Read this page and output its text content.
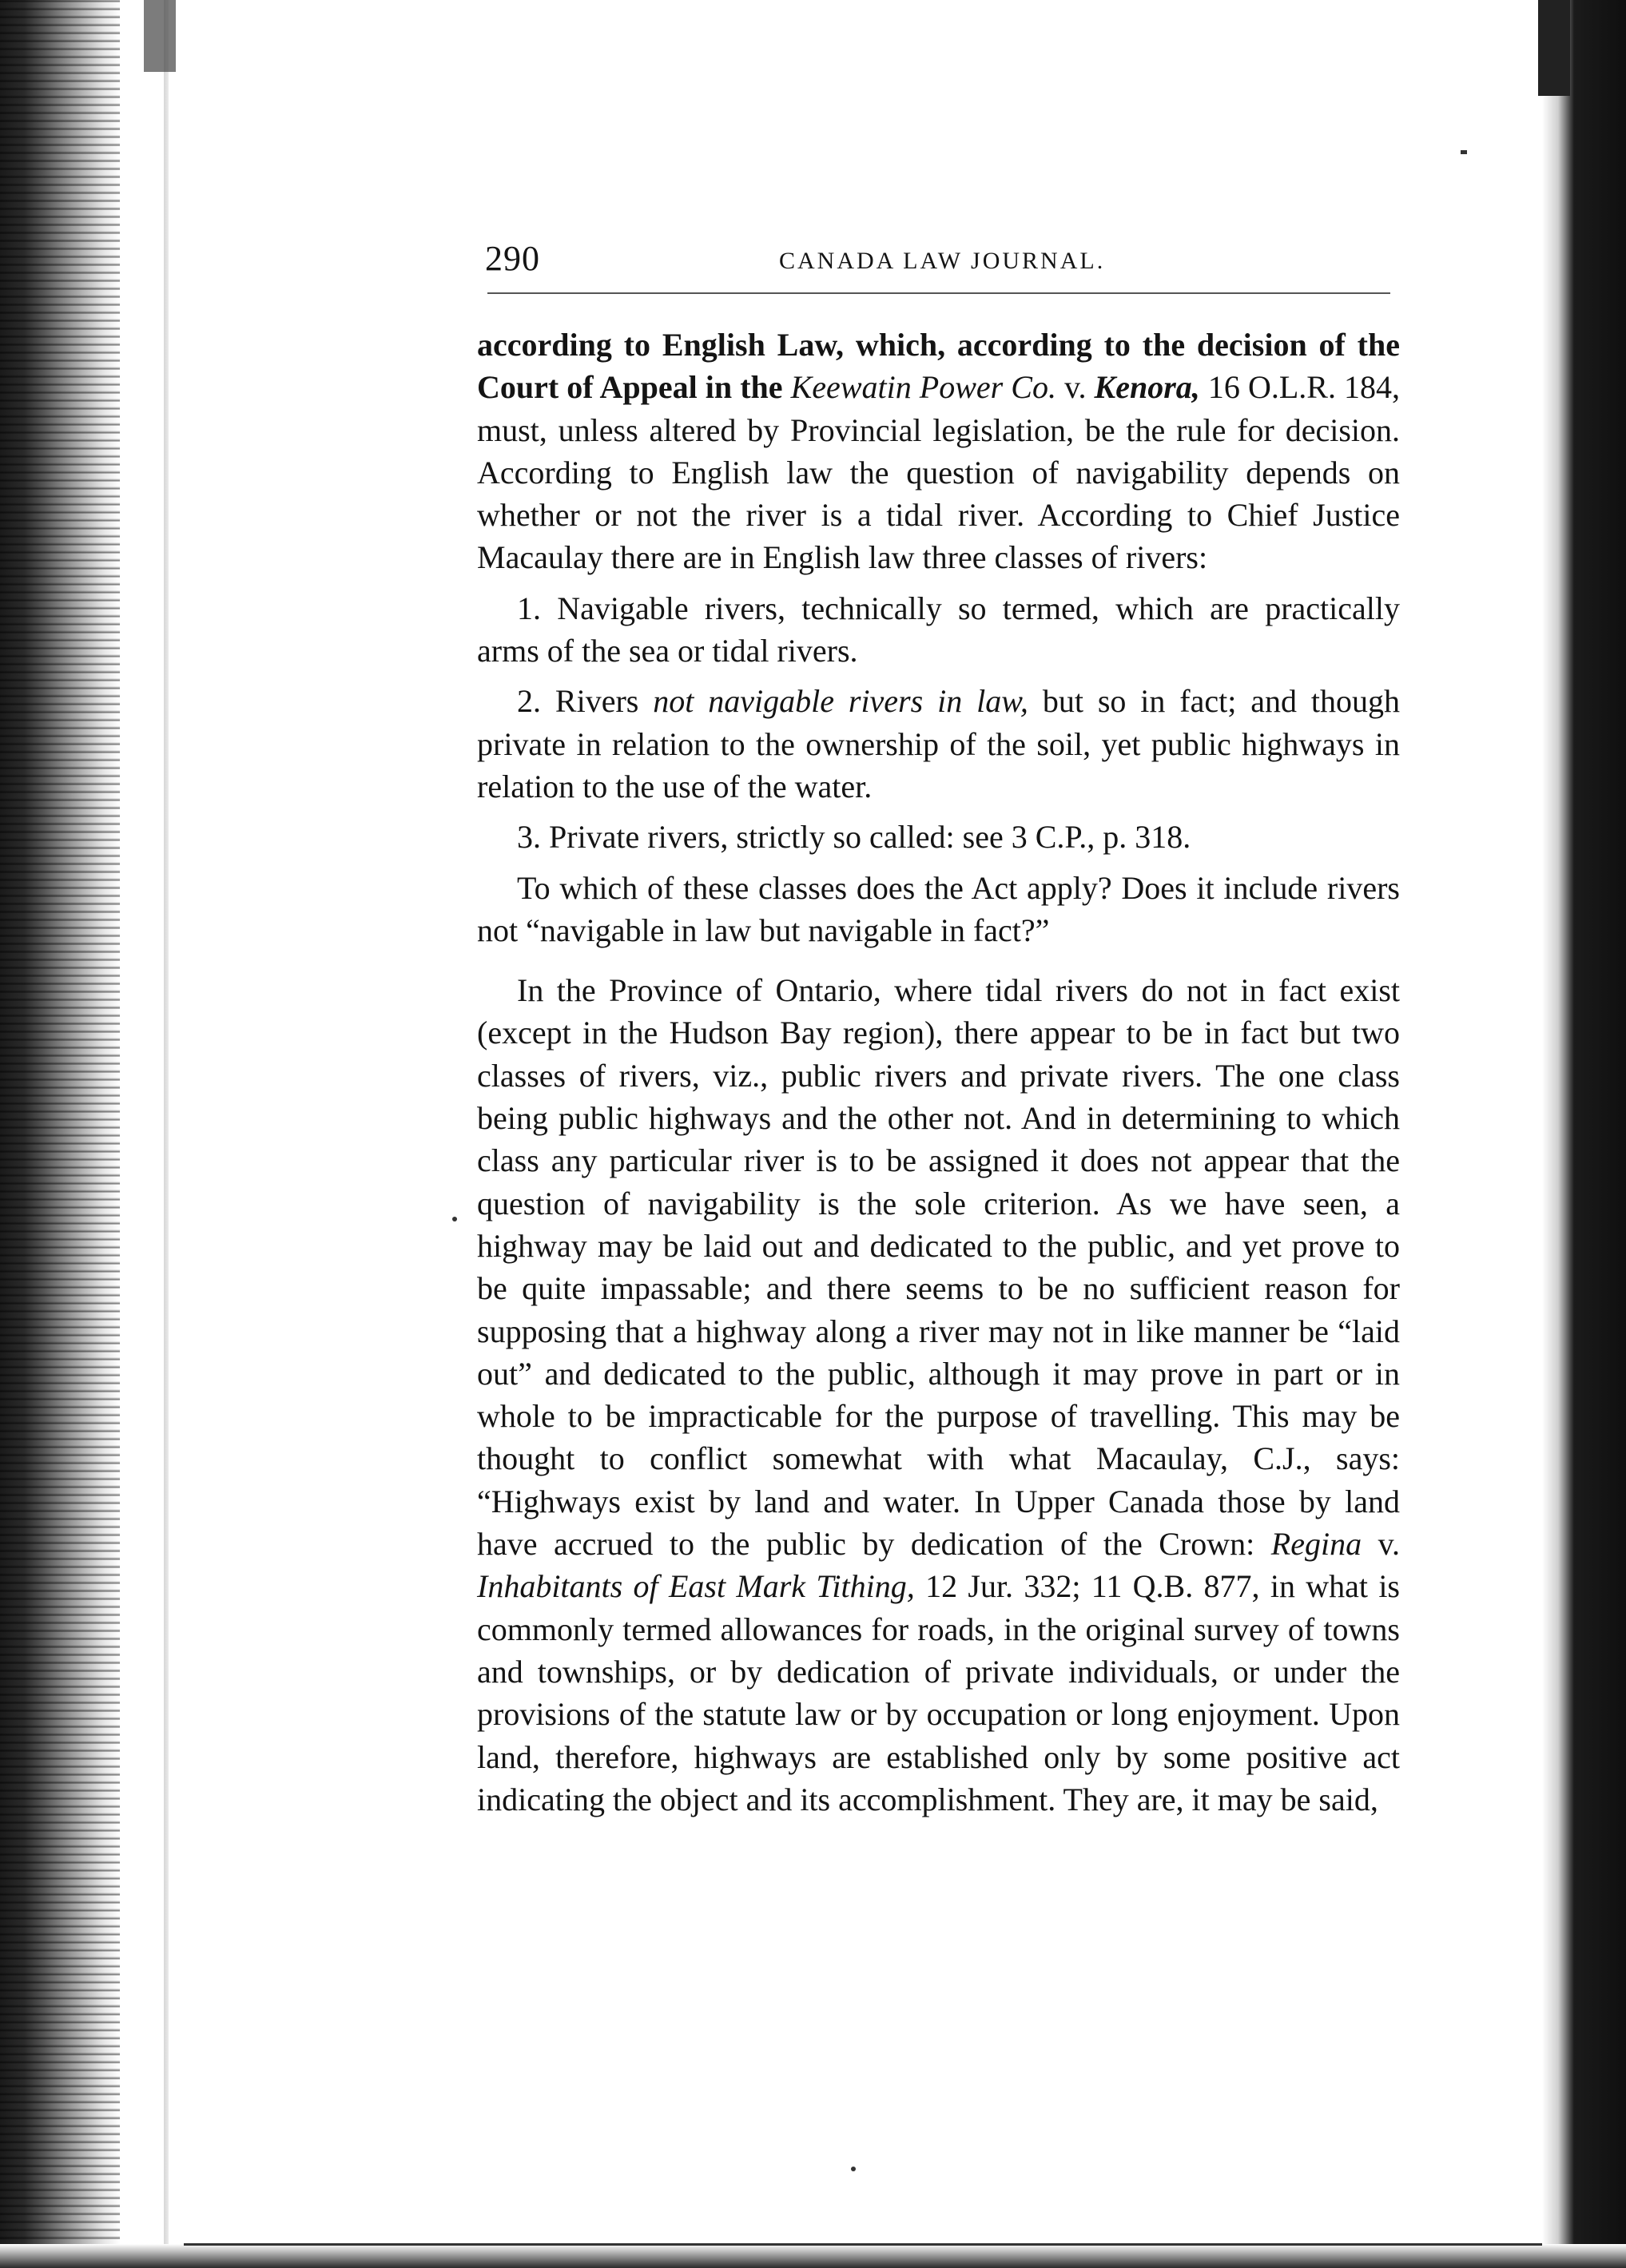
290	CANADA LAW JOURNAL.

according to English Law, which, according to the decision of the Court of Appeal in the Keewatin Power Co. v. Kenora, 16 O.L.R. 184, must, unless altered by Provincial legislation, be the rule for decision. According to English law the question of navigability depends on whether or not the river is a tidal river. According to Chief Justice Macaulay there are in English law three classes of rivers:

1. Navigable rivers, technically so termed, which are practically arms of the sea or tidal rivers.

2. Rivers not navigable rivers in law, but so in fact; and though private in relation to the ownership of the soil, yet public highways in relation to the use of the water.

3. Private rivers, strictly so called: see 3 C.P., p. 318.

To which of these classes does the Act apply? Does it include rivers not “navigable in law but navigable in fact?”

In the Province of Ontario, where tidal rivers do not in fact exist (except in the Hudson Bay region), there appear to be in fact but two classes of rivers, viz., public rivers and private rivers. The one class being public highways and the other not. And in determining to which class any particular river is to be assigned it does not appear that the question of navigability is the sole criterion. As we have seen, a highway may be laid out and dedicated to the public, and yet prove to be quite impassable; and there seems to be no sufficient reason for supposing that a highway along a river may not in like manner be “laid out” and dedicated to the public, although it may prove in part or in whole to be impracticable for the purpose of travelling. This may be thought to conflict somewhat with what Macaulay, C.J., says: “Highways exist by land and water. In Upper Canada those by land have accrued to the public by dedication of the Crown: Regina v. Inhabitants of East Mark Tithing, 12 Jur. 332; 11 Q.B. 877, in what is commonly termed allowances for roads, in the original survey of towns and townships, or by dedication of private individuals, or under the provisions of the statute law or by occupation or long enjoyment. Upon land, therefore, highways are established only by some positive act indicating the object and its accomplishment. They are, it may be said,
